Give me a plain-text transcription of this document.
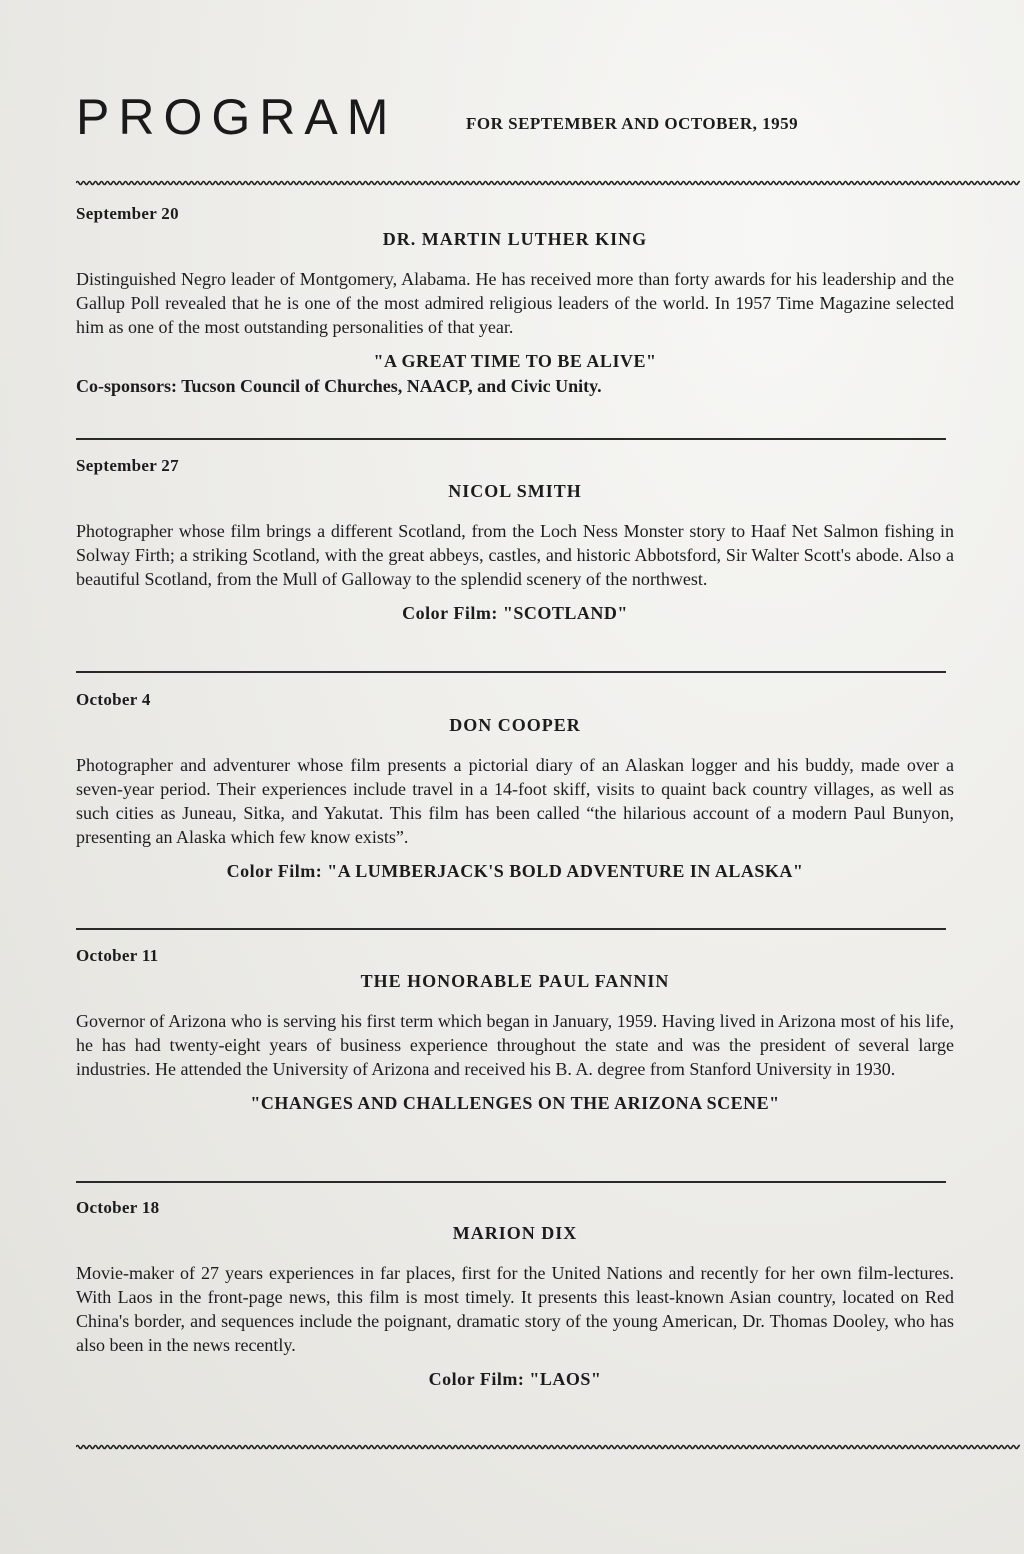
PROGRAM	FOR SEPTEMBER AND OCTOBER, 1959
September 20
DR. MARTIN LUTHER KING
Distinguished Negro leader of Montgomery, Alabama. He has received more than forty awards for his leadership and the Gallup Poll revealed that he is one of the most admired religious leaders of the world. In 1957 Time Magazine selected him as one of the most outstanding personalities of that year.
"A GREAT TIME TO BE ALIVE"
Co-sponsors: Tucson Council of Churches, NAACP, and Civic Unity.
September 27
NICOL SMITH
Photographer whose film brings a different Scotland, from the Loch Ness Monster story to Haaf Net Salmon fishing in Solway Firth; a striking Scotland, with the great abbeys, castles, and historic Abbotsford, Sir Walter Scott's abode. Also a beautiful Scotland, from the Mull of Galloway to the splendid scenery of the northwest.
Color Film: "SCOTLAND"
October 4
DON COOPER
Photographer and adventurer whose film presents a pictorial diary of an Alaskan logger and his buddy, made over a seven-year period. Their experiences include travel in a 14-foot skiff, visits to quaint back country villages, as well as such cities as Juneau, Sitka, and Yakutat. This film has been called “the hilarious account of a modern Paul Bunyon, presenting an Alaska which few know exists”.
Color Film: "A LUMBERJACK'S BOLD ADVENTURE IN ALASKA"
October 11
THE HONORABLE PAUL FANNIN
Governor of Arizona who is serving his first term which began in January, 1959. Having lived in Arizona most of his life, he has had twenty-eight years of business experience throughout the state and was the president of several large industries. He attended the University of Arizona and received his B. A. degree from Stanford University in 1930.
"CHANGES AND CHALLENGES ON THE ARIZONA SCENE"
October 18
MARION DIX
Movie-maker of 27 years experiences in far places, first for the United Nations and recently for her own film-lectures. With Laos in the front-page news, this film is most timely. It presents this least-known Asian country, located on Red China's border, and sequences include the poignant, dramatic story of the young American, Dr. Thomas Dooley, who has also been in the news recently.
Color Film: "LAOS"
